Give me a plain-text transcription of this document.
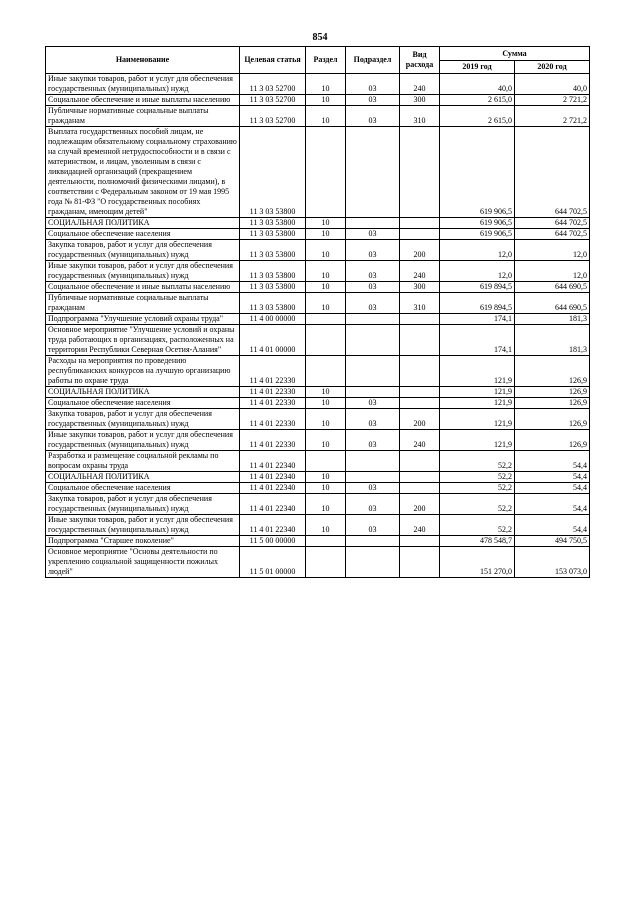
854
Наименование	Целевая статья	Раздел	Подраздел	Вид расхода	Сумма	
					2019 год	2020 год
Иные закупки товаров, работ и услуг для обеспечения государственных (муниципальных) нужд	11 3 03 52700	10	03	240	40,0	40,0
Социальное обеспечение и иные выплаты населению	11 3 03 52700	10	03	300	2 615,0	2 721,2
Публичные нормативные социальные выплаты гражданам	11 3 03 52700	10	03	310	2 615,0	2 721,2
Выплата государственных пособий лицам, не подлежащим обязательному социальному страхованию на случай временной нетрудоспособности и в связи с материнством, и лицам, уволенным в связи с ликвидацией организаций (прекращением деятельности, полномочий физическими лицами), в соответствии с Федеральным законом от 19 мая 1995 года № 81-ФЗ "О государственных пособиях гражданам, имеющим детей"	11 3 03 53800				619 906,5	644 702,5
СОЦИАЛЬНАЯ ПОЛИТИКА	11 3 03 53800	10			619 906,5	644 702,5
Социальное обеспечение населения	11 3 03 53800	10	03		619 906,5	644 702,5
Закупка товаров, работ и услуг для обеспечения государственных (муниципальных) нужд	11 3 03 53800	10	03	200	12,0	12,0
Иные закупки товаров, работ и услуг для обеспечения государственных (муниципальных) нужд	11 3 03 53800	10	03	240	12,0	12,0
Социальное обеспечение и иные выплаты населению	11 3 03 53800	10	03	300	619 894,5	644 690,5
Публичные нормативные социальные выплаты гражданам	11 3 03 53800	10	03	310	619 894,5	644 690,5
Подпрограмма "Улучшение условий охраны труда"	11 4 00 00000				174,1	181,3
Основное мероприятие "Улучшение условий и охраны труда работающих в организациях, расположенных на территории Республики Северная Осетия-Алания"	11 4 01 00000				174,1	181,3
Расходы на мероприятия по проведению республиканских конкурсов на лучшую организацию работы по охране труда	11 4 01 22330				121,9	126,9
СОЦИАЛЬНАЯ ПОЛИТИКА	11 4 01 22330	10			121,9	126,9
Социальное обеспечение населения	11 4 01 22330	10	03		121,9	126,9
Закупка товаров, работ и услуг для обеспечения государственных (муниципальных) нужд	11 4 01 22330	10	03	200	121,9	126,9
Иные закупки товаров, работ и услуг для обеспечения государственных (муниципальных) нужд	11 4 01 22330	10	03	240	121,9	126,9
Разработка и размещение социальной рекламы по вопросам охраны труда	11 4 01 22340				52,2	54,4
СОЦИАЛЬНАЯ ПОЛИТИКА	11 4 01 22340	10			52,2	54,4
Социальное обеспечение населения	11 4 01 22340	10	03		52,2	54,4
Закупка товаров, работ и услуг для обеспечения государственных (муниципальных) нужд	11 4 01 22340	10	03	200	52,2	54,4
Иные закупки товаров, работ и услуг для обеспечения государственных (муниципальных) нужд	11 4 01 22340	10	03	240	52,2	54,4
Подпрограмма "Старшее поколение"	11 5 00 00000				478 548,7	494 750,5
Основное мероприятие "Основы деятельности по укреплению социальной защищенности пожилых людей"	11 5 01 00000				151 270,0	153 073,0
